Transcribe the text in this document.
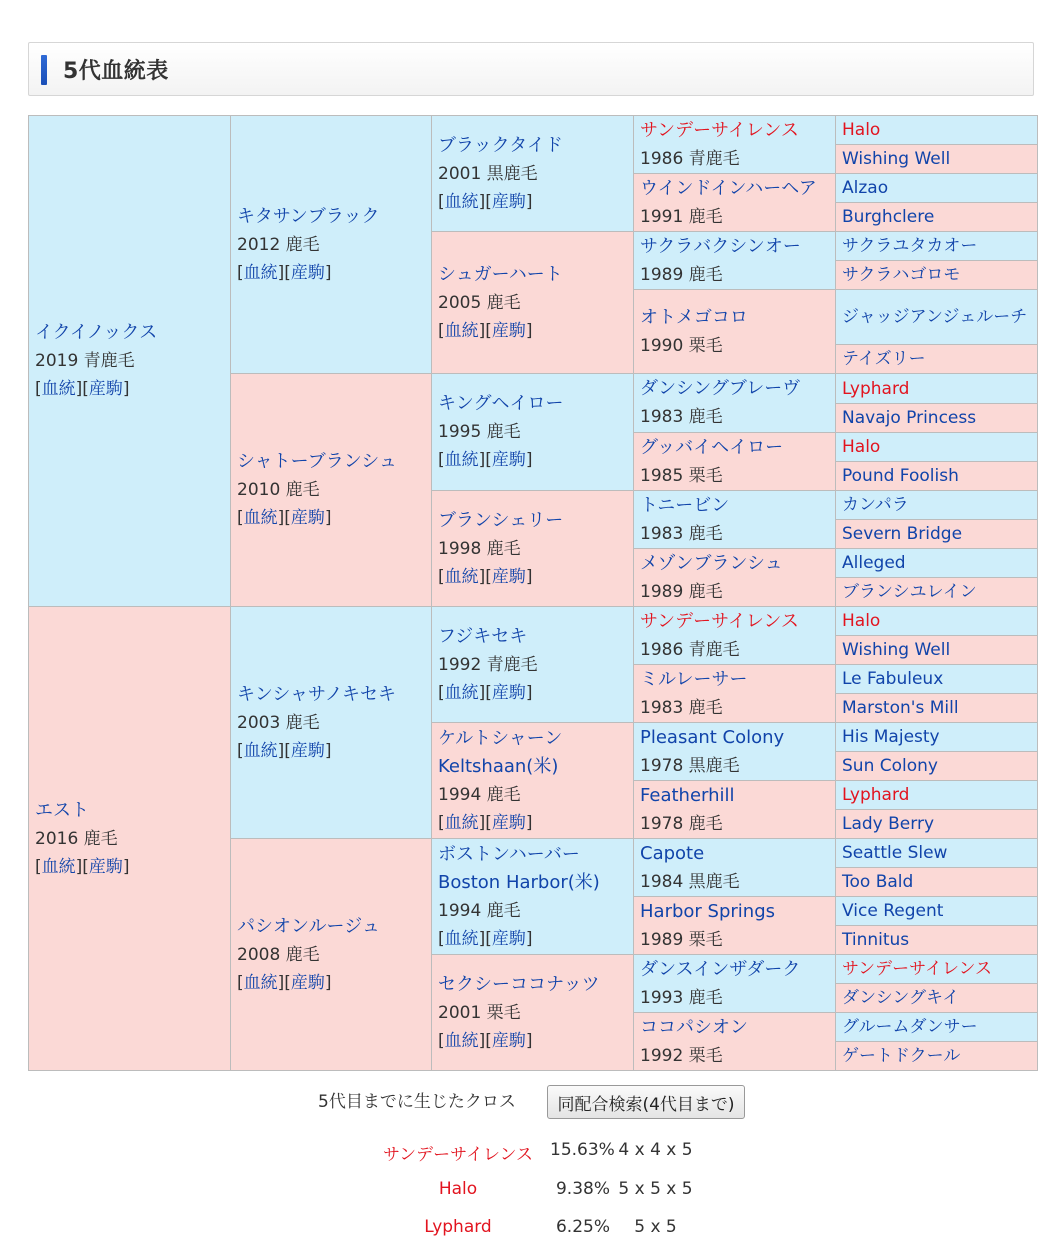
5代血統表
イクイノックス
2019 青鹿毛
[血統][産駒]	キタサンブラック
2012 鹿毛
[血統][産駒]	ブラックタイド
2001 黒鹿毛
[血統][産駒]	サンデーサイレンス
1986 青鹿毛	Halo
				Wishing Well

			ウインドインハーヘア
1991 鹿毛	Alzao
				Burghclere

		シュガーハート
2005 鹿毛
[血統][産駒]	サクラバクシンオー
1989 鹿毛	サクラユタカオー
				サクラハゴロモ

			オトメゴコロ
1990 栗毛	ジャッジアンジェルーチ
				テイズリー

	シャトーブランシュ
2010 鹿毛
[血統][産駒]	キングヘイロー
1995 鹿毛
[血統][産駒]	ダンシングブレーヴ
1983 鹿毛	Lyphard
				Navajo Princess

			グッバイヘイロー
1985 栗毛	Halo
				Pound Foolish

		ブランシェリー
1998 鹿毛
[血統][産駒]	トニービン
1983 鹿毛	カンパラ
				Severn Bridge

			メゾンブランシュ
1989 鹿毛	Alleged
				ブランシユレイン

エスト
2016 鹿毛
[血統][産駒]	キンシャサノキセキ
2003 鹿毛
[血統][産駒]	フジキセキ
1992 青鹿毛
[血統][産駒]	サンデーサイレンス
1986 青鹿毛	Halo
				Wishing Well

			ミルレーサー
1983 鹿毛	Le Fabuleux
				Marston's Mill

		ケルトシャーン
Keltshaan(米)
1994 鹿毛
[血統][産駒]	Pleasant Colony
1978 黒鹿毛	His Majesty
				Sun Colony

			Featherhill
1978 鹿毛	Lyphard
				Lady Berry

	パシオンルージュ
2008 鹿毛
[血統][産駒]	ボストンハーバー
Boston Harbor(米)
1994 鹿毛
[血統][産駒]	Capote
1984 黒鹿毛	Seattle Slew
				Too Bald

			Harbor Springs
1989 栗毛	Vice Regent
				Tinnitus

		セクシーココナッツ
2001 栗毛
[血統][産駒]	ダンスインザダーク
1993 鹿毛	サンデーサイレンス
				ダンシングキイ

			ココパシオン
1992 栗毛	グルームダンサー
				ゲートドクール
5代目までに生じたクロス	同配合検索(4代目まで)
サンデーサイレンス 15.63% 4 x 4 x 5
Halo	9.38% 5 x 5 x 5
Lyphard	6.25%	5 x 5
